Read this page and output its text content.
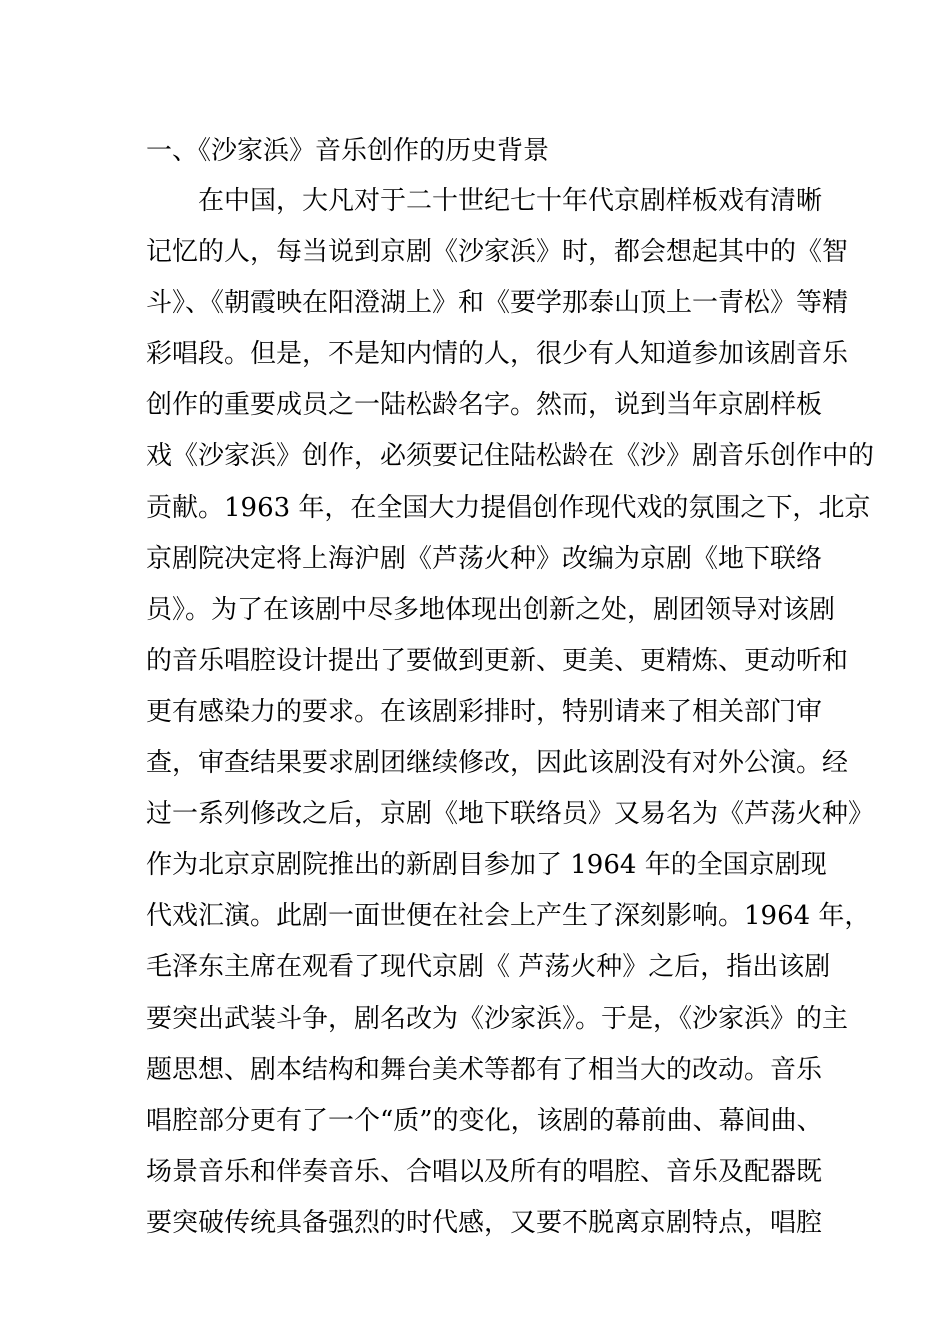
一、《沙家浜》音乐创作的历史背景
在中国，大凡对于二十世纪七十年代京剧样板戏有清晰
记忆的人，每当说到京剧《沙家浜》时，都会想起其中的《智
斗》、《朝霞映在阳澄湖上》和《要学那泰山顶上一青松》等精
彩唱段。但是，不是知内情的人，很少有人知道参加该剧音乐
创作的重要成员之一陆松龄名字。然而，说到当年京剧样板
戏《沙家浜》创作，必须要记住陆松龄在《沙》剧音乐创作中的
贡献。1963 年，在全国大力提倡创作现代戏的氛围之下，北京
京剧院决定将上海沪剧《芦荡火种》改编为京剧《地下联络
员》。为了在该剧中尽多地体现出创新之处，剧团领导对该剧
的音乐唱腔设计提出了要做到更新、更美、更精炼、更动听和
更有感染力的要求。在该剧彩排时，特别请来了相关部门审
查，审查结果要求剧团继续修改，因此该剧没有对外公演。经
过一系列修改之后，京剧《地下联络员》又易名为《芦荡火种》
作为北京京剧院推出的新剧目参加了 1964 年的全国京剧现
代戏汇演。此剧一面世便在社会上产生了深刻影响。1964 年，
毛泽东主席在观看了现代京剧《 芦荡火种》之后，指出该剧
要突出武装斗争，剧名改为《沙家浜》。于是，《沙家浜》的主
题思想、剧本结构和舞台美术等都有了相当大的改动。音乐
唱腔部分更有了一个“质”的变化，该剧的幕前曲、幕间曲、
场景音乐和伴奏音乐、合唱以及所有的唱腔、音乐及配器既
要突破传统具备强烈的时代感，又要不脱离京剧特点，唱腔
